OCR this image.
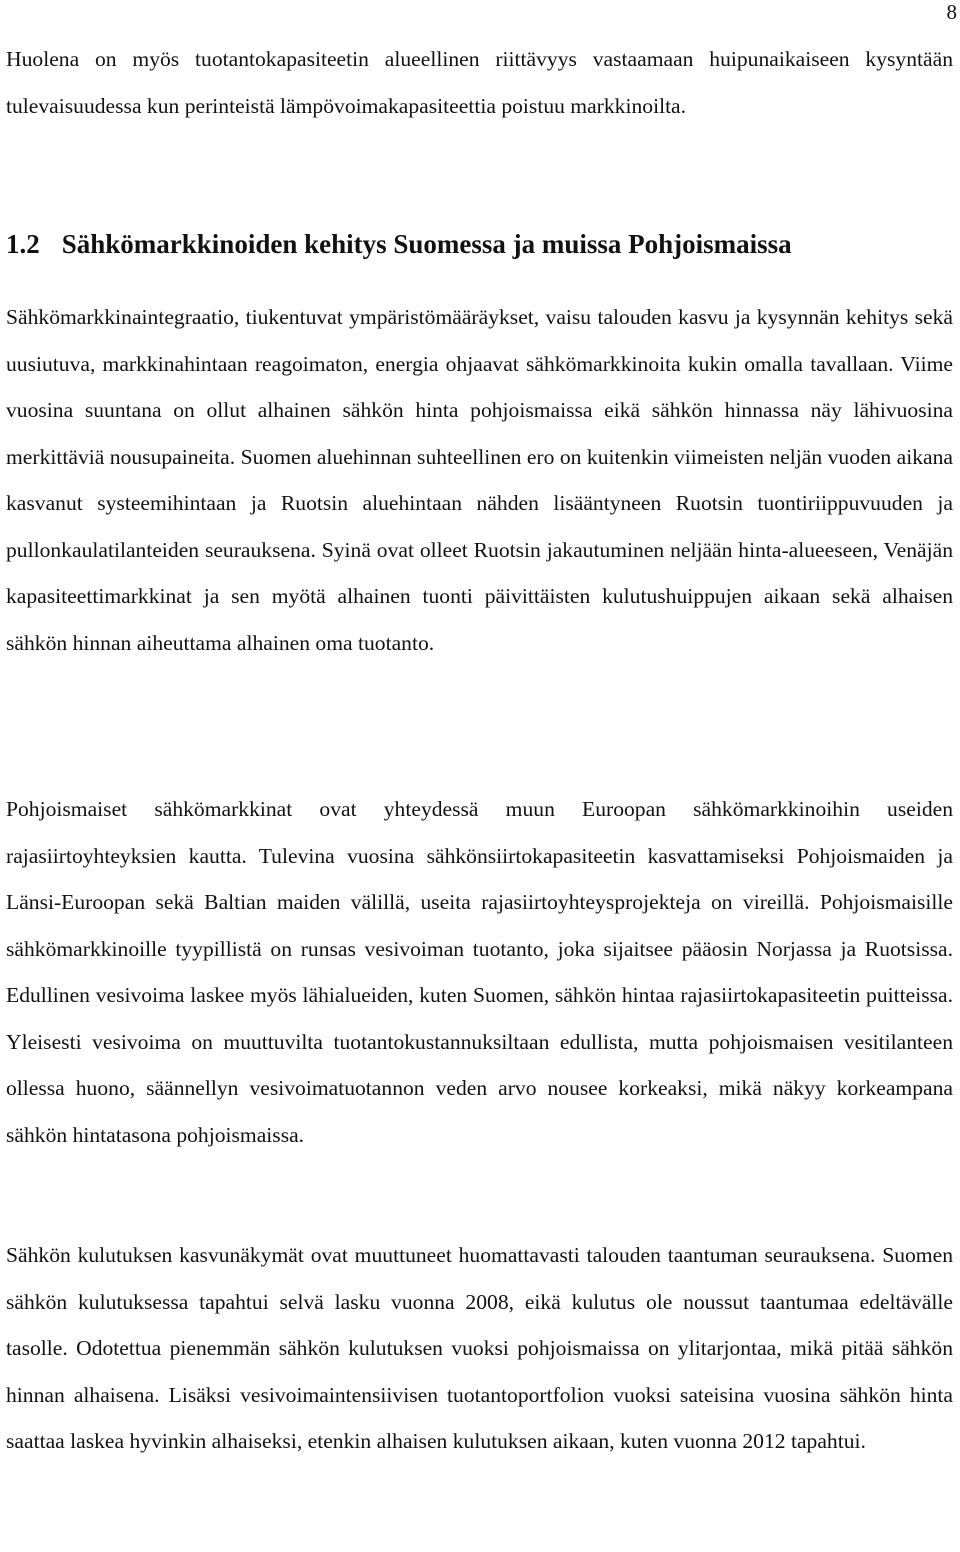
8

Huolena on myös tuotantokapasiteetin alueellinen riittävyys vastaamaan huipunaikaiseen kysyntään tulevaisuudessa kun perinteistä lämpövoimakapasiteettia poistuu markkinoilta.

1.2 Sähkömarkkinoiden kehitys Suomessa ja muissa Pohjoismaissa

Sähkömarkkinaintegraatio, tiukentuvat ympäristömääräykset, vaisu talouden kasvu ja kysynnän kehitys sekä uusiutuva, markkinahintaan reagoimaton, energia ohjaavat sähkömarkkinoita kukin omalla tavallaan. Viime vuosina suuntana on ollut alhainen sähkön hinta pohjoismaissa eikä sähkön hinnassa näy lähivuosina merkittäviä nousupaineita. Suomen aluehinnan suhteellinen ero on kuitenkin viimeisten neljän vuoden aikana kasvanut systeemihintaan ja Ruotsin aluehintaan nähden lisääntyneen Ruotsin tuontiriippuvuuden ja pullonkaulatilanteiden seurauksena. Syinä ovat olleet Ruotsin jakautuminen neljään hinta-alueeseen, Venäjän kapasiteettimarkkinat ja sen myötä alhainen tuonti päivittäisten kulutushuippujen aikaan sekä alhaisen sähkön hinnan aiheuttama alhainen oma tuotanto.

Pohjoismaiset sähkömarkkinat ovat yhteydessä muun Euroopan sähkömarkkinoihin useiden rajasiirtoyhteyksien kautta. Tulevina vuosina sähkönsiirtokapasiteetin kasvattamiseksi Pohjoismaiden ja Länsi-Euroopan sekä Baltian maiden välillä, useita rajasiirtoyhteysprojekteja on vireillä. Pohjoismaisille sähkömarkkinoille tyypillistä on runsas vesivoiman tuotanto, joka sijaitsee pääosin Norjassa ja Ruotsissa. Edullinen vesivoima laskee myös lähialueiden, kuten Suomen, sähkön hintaa rajasiirtokapasiteetin puitteissa. Yleisesti vesivoima on muuttuvilta tuotantokustannuksiltaan edullista, mutta pohjoismaisen vesitilanteen ollessa huono, säännellyn vesivoimatuotannon veden arvo nousee korkeaksi, mikä näkyy korkeampana sähkön hintatasona pohjoismaissa.

Sähkön kulutuksen kasvunäkymät ovat muuttuneet huomattavasti talouden taantuman seurauksena. Suomen sähkön kulutuksessa tapahtui selvä lasku vuonna 2008, eikä kulutus ole noussut taantumaa edeltävälle tasolle. Odotettua pienemmän sähkön kulutuksen vuoksi pohjoismaissa on ylitarjontaa, mikä pitää sähkön hinnan alhaisena. Lisäksi vesivoimaintensiivisen tuotantoportfolion vuoksi sateisina vuosina sähkön hinta saattaa laskea hyvinkin alhaiseksi, etenkin alhaisen kulutuksen aikaan, kuten vuonna 2012 tapahtui.
